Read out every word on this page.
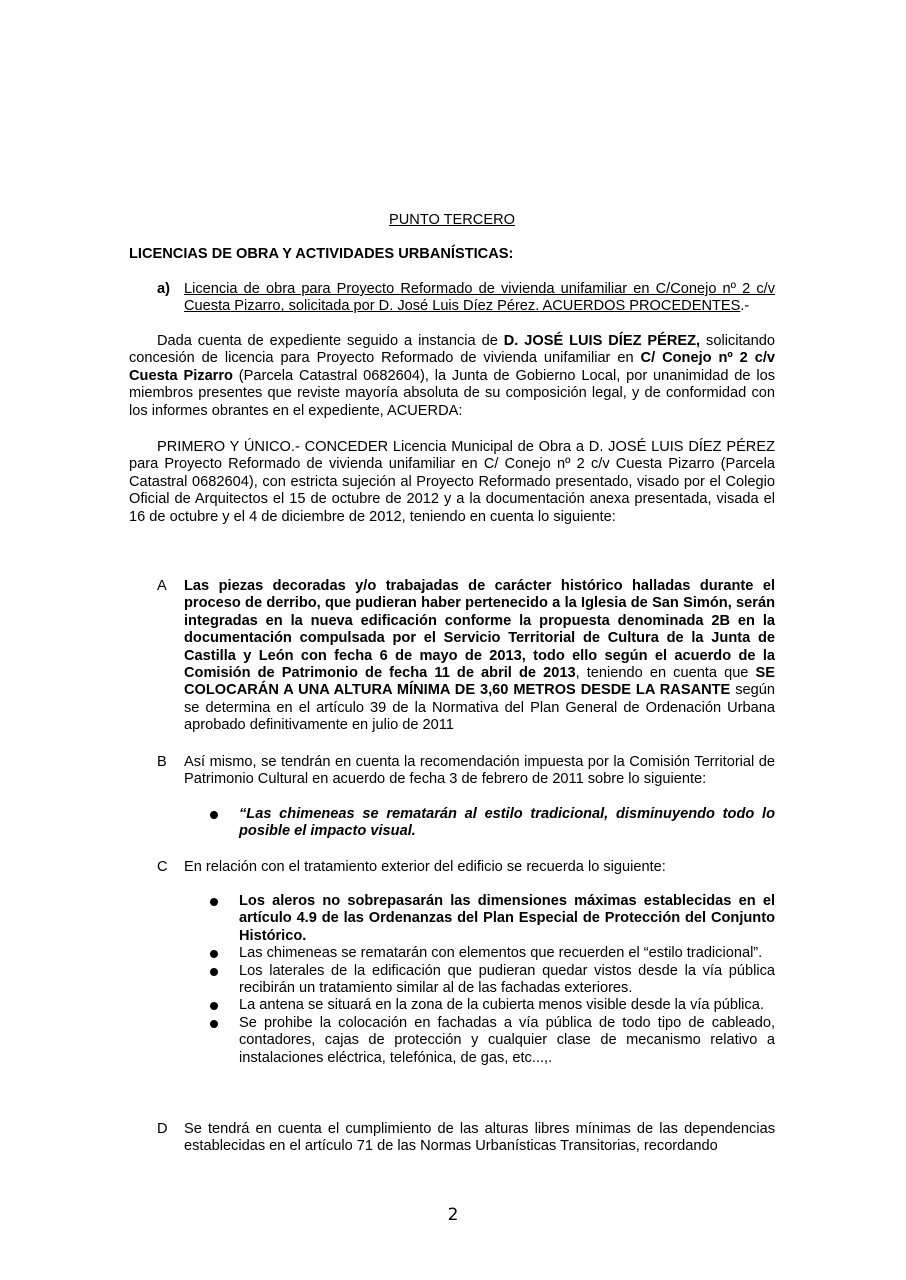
PUNTO TERCERO
LICENCIAS DE OBRA Y ACTIVIDADES URBANÍSTICAS:
a) Licencia de obra para Proyecto Reformado de vivienda unifamiliar en C/Conejo nº 2 c/v Cuesta Pizarro, solicitada por D. José Luis Díez Pérez. ACUERDOS PROCEDENTES.-
Dada cuenta de expediente seguido a instancia de D. JOSÉ LUIS DÍEZ PÉREZ, solicitando concesión de licencia para Proyecto Reformado de vivienda unifamiliar en C/ Conejo nº 2 c/v Cuesta Pizarro (Parcela Catastral 0682604), la Junta de Gobierno Local, por unanimidad de los miembros presentes que reviste mayoría absoluta de su composición legal, y de conformidad con los informes obrantes en el expediente, ACUERDA:
PRIMERO Y ÚNICO.- CONCEDER Licencia Municipal de Obra a D. JOSÉ LUIS DÍEZ PÉREZ para Proyecto Reformado de vivienda unifamiliar en C/ Conejo nº 2 c/v Cuesta Pizarro (Parcela Catastral 0682604), con estricta sujeción al Proyecto Reformado presentado, visado por el Colegio Oficial de Arquitectos el 15 de octubre de 2012 y a la documentación anexa presentada, visada el 16 de octubre y el 4 de diciembre de 2012, teniendo en cuenta lo siguiente:
A Las piezas decoradas y/o trabajadas de carácter histórico halladas durante el proceso de derribo, que pudieran haber pertenecido a la Iglesia de San Simón, serán integradas en la nueva edificación conforme la propuesta denominada 2B en la documentación compulsada por el Servicio Territorial de Cultura de la Junta de Castilla y León con fecha 6 de mayo de 2013, todo ello según el acuerdo de la Comisión de Patrimonio de fecha 11 de abril de 2013, teniendo en cuenta que SE COLOCARÁN A UNA ALTURA MÍNIMA DE 3,60 METROS DESDE LA RASANTE según se determina en el artículo 39 de la Normativa del Plan General de Ordenación Urbana aprobado definitivamente en julio de 2011
B Así mismo, se tendrán en cuenta la recomendación impuesta por la Comisión Territorial de Patrimonio Cultural en acuerdo de fecha 3 de febrero de 2011 sobre lo siguiente:
“Las chimeneas se rematarán al estilo tradicional, disminuyendo todo lo posible el impacto visual.
C En relación con el tratamiento exterior del edificio se recuerda lo siguiente:
Los aleros no sobrepasarán las dimensiones máximas establecidas en el artículo 4.9 de las Ordenanzas del Plan Especial de Protección del Conjunto Histórico.
Las chimeneas se rematarán con elementos que recuerden el “estilo tradicional”.
Los laterales de la edificación que pudieran quedar vistos desde la vía pública recibirán un tratamiento similar al de las fachadas exteriores.
La antena se situará en la zona de la cubierta menos visible desde la vía pública.
Se prohibe la colocación en fachadas a vía pública de todo tipo de cableado, contadores, cajas de protección y cualquier clase de mecanismo relativo a instalaciones eléctrica, telefónica, de gas, etc...,.
D Se tendrá en cuenta el cumplimiento de las alturas libres mínimas de las dependencias establecidas en el artículo 71 de las Normas Urbanísticas Transitorias, recordando
2
